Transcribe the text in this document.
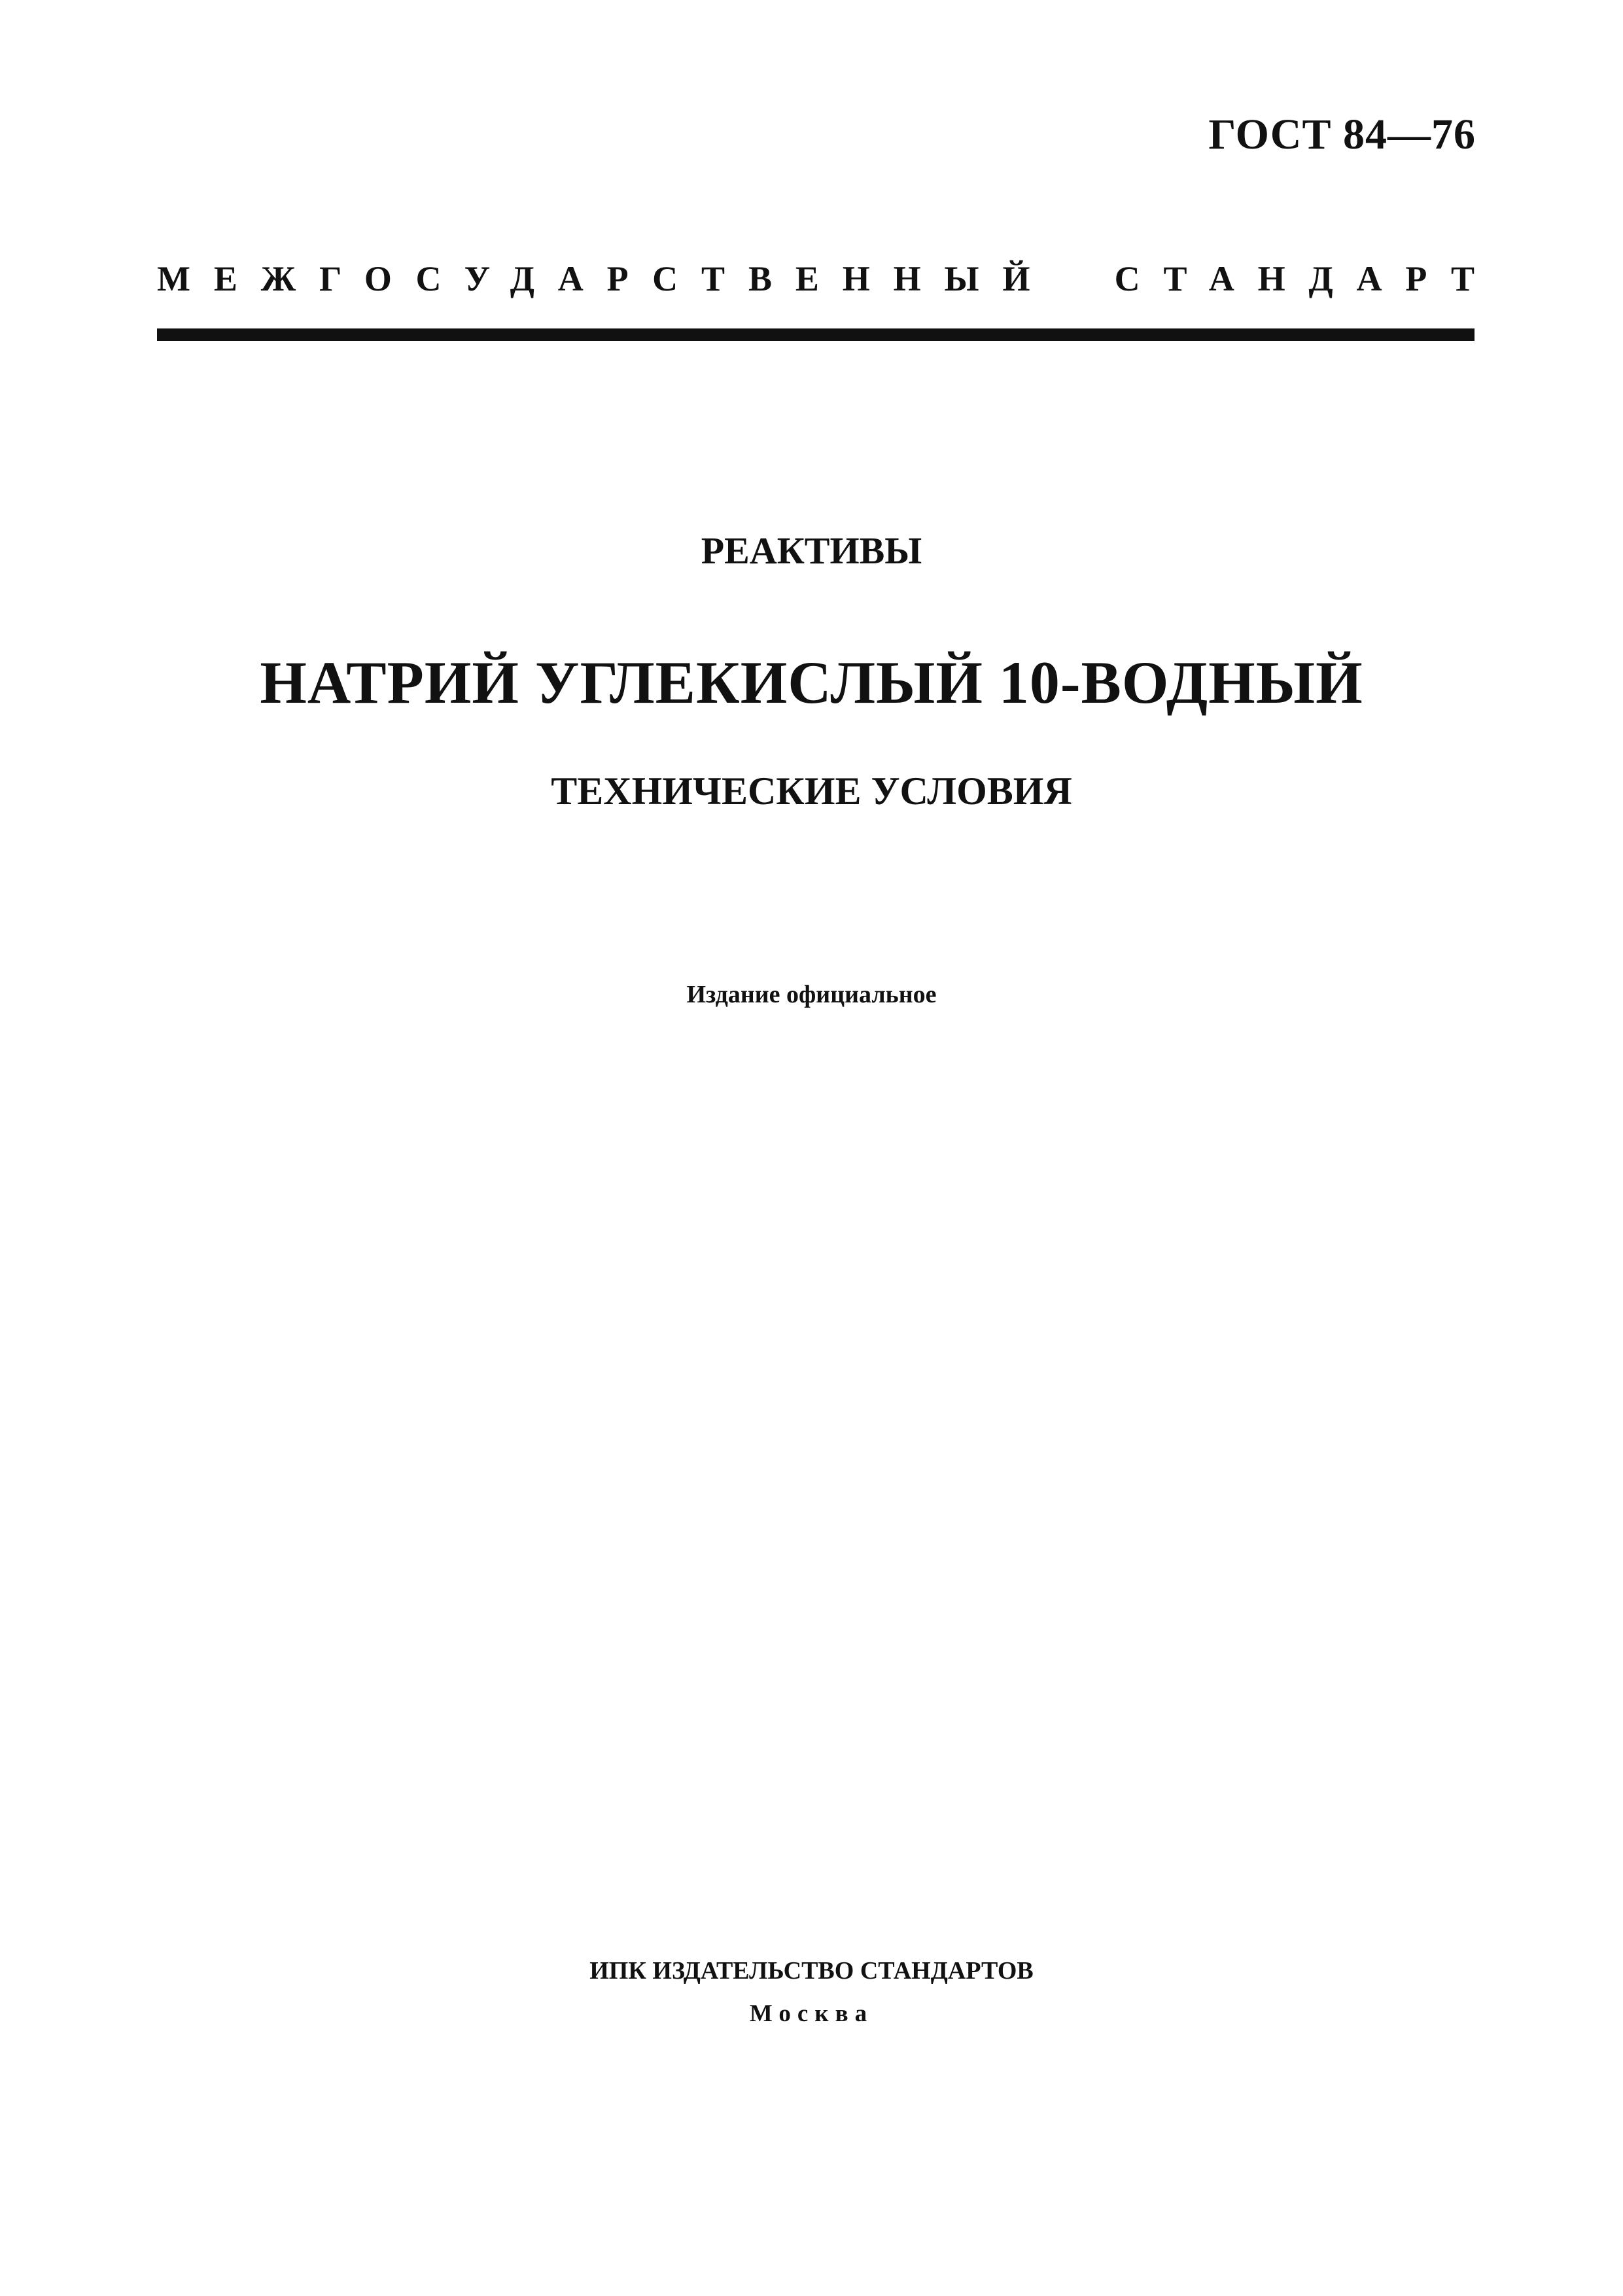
ГОСТ 84—76
МЕЖГОСУДАРСТВЕННЫЙ СТАНДАРТ
РЕАКТИВЫ
НАТРИЙ УГЛЕКИСЛЫЙ 10-ВОДНЫЙ
ТЕХНИЧЕСКИЕ УСЛОВИЯ
Издание официальное
ИПК ИЗДАТЕЛЬСТВО СТАНДАРТОВ
Москва
